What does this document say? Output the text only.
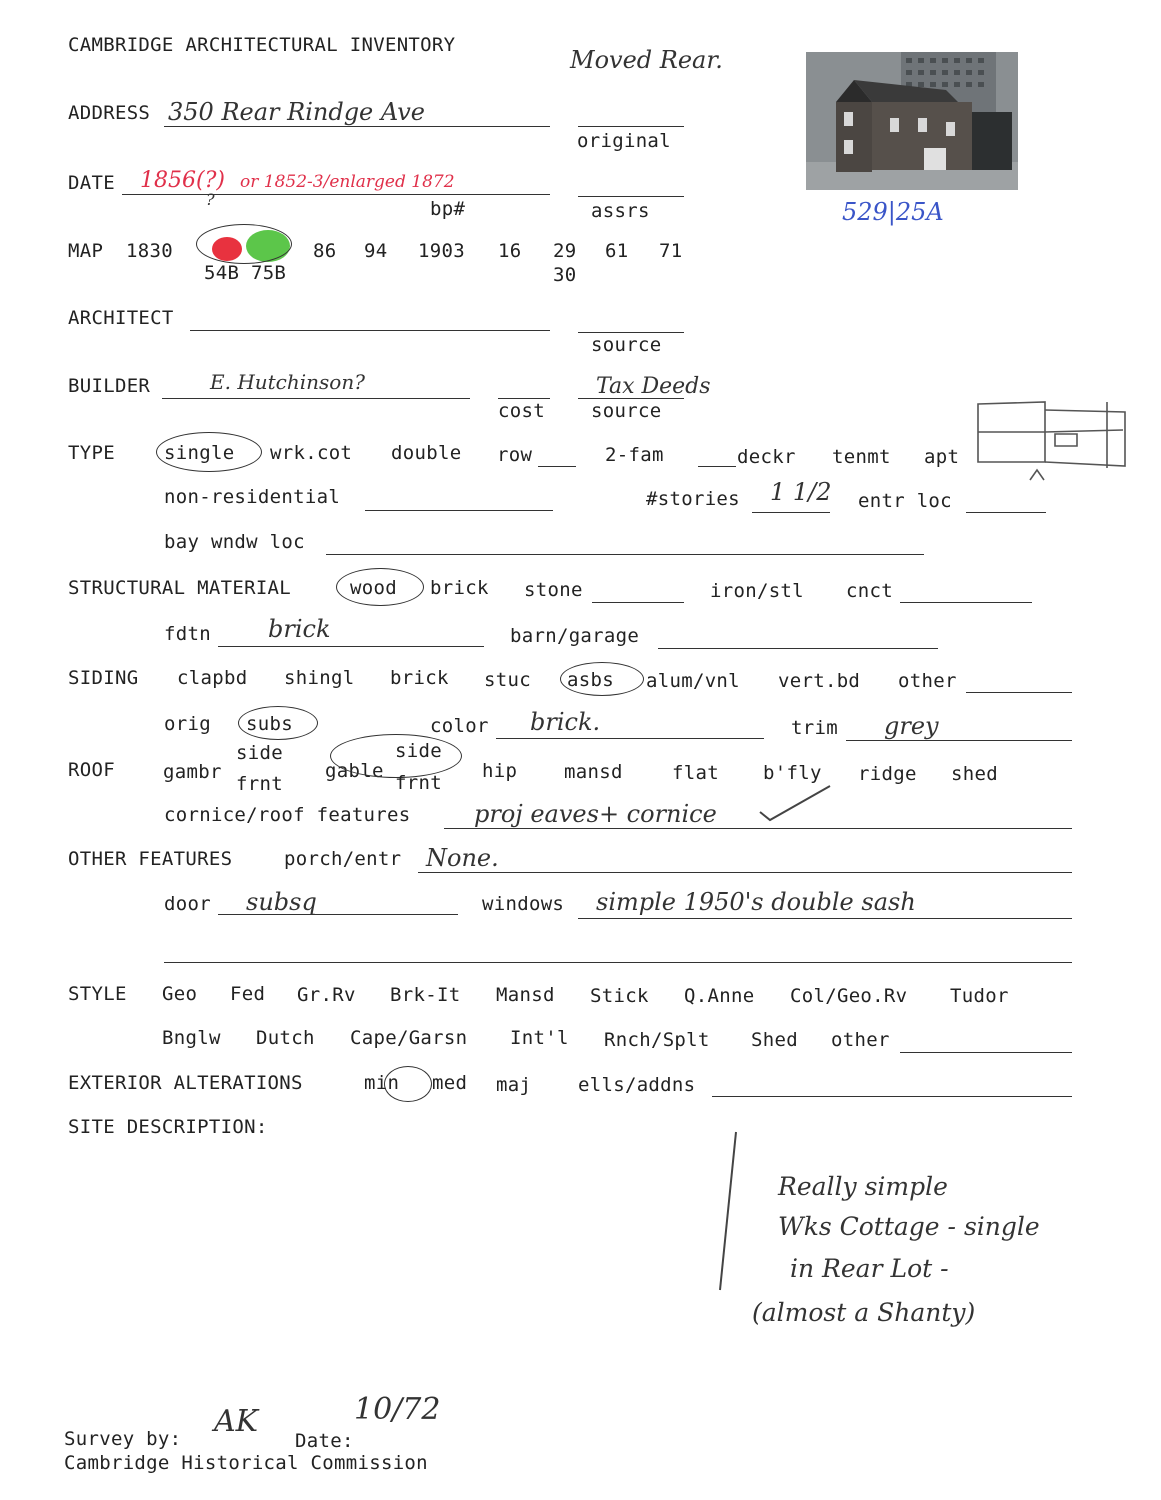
CAMBRIDGE ARCHITECTURAL INVENTORY
Moved Rear.
529|25A
ADDRESS 350 Rear Rindge Ave
original
DATE 1856(?) or 1852-3/enlarged 1872
?	bp#	assrs
MAP 1830
54B 75B
86 94 1903 16 29
30
61 71
ARCHITECT
source
BUILDER	E. Hutchinson?
cost
Tax Deeds
source
TYPE	single wrk.cot double row	2-fam	deckr tenmt apt
non-residential	#stories 1 1/2 entr loc
bay wndw loc
STRUCTURAL MATERIAL	wood brick stone	iron/stl cnct
fdtn brick	barn/garage
SIDING clapbd shingl brick stuc asbs alum/vnl vert.bd other
orig subs	color brick.	trim grey
ROOF	gambr
side
frnt
gable
side
frnt
hip mansd	flat b'fly ridge shed
cornice/roof features	proj eaves+ cornice
OTHER FEATURES	porch/entr None.
door subsq	windows simple 1950's double sash
STYLE Geo Fed Gr.Rv Brk-It Mansd Stick Q.Anne Col/Geo.Rv Tudor
Bnglw Dutch Cape/Garsn Int'l Rnch/Splt Shed other
EXTERIOR ALTERATIONS	min med maj ells/addns
SITE DESCRIPTION:
Really simple
Wks Cottage - single
in Rear Lot -
(almost a Shanty)
10/72
AK
Survey by:	Date:
Cambridge Historical Commission
